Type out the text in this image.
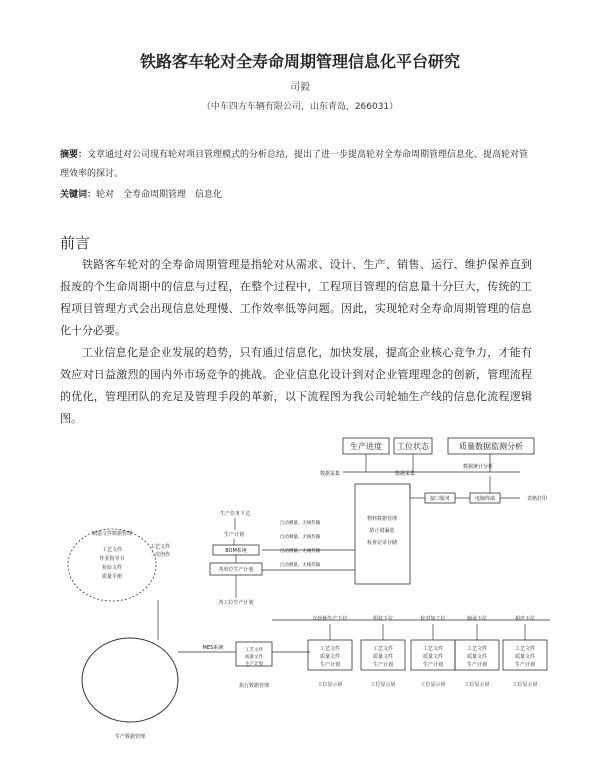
铁路客车轮对全寿命周期管理信息化平台研究
司毅
（中车四方车辆有限公司，山东青岛，266031）
摘要：文章通过对公司现有轮对项目管理模式的分析总结，提出了进一步提高轮对全寿命周期管理信息化、提高轮对管理效率的探讨。
关键词：轮对　全寿命周期管理　信息化
前言
铁路客车轮对的全寿命周期管理是指轮对从需求、设计、生产、销售、运行、维护保养直到报废的个生命周期中的信息与过程，在整个过程中，工程项目管理的信息量十分巨大，传统的工程项目管理方式会出现信息处理慢、工作效率低等问题。因此，实现轮对全寿命周期管理的信息化十分必要。
工业信息化是企业发展的趋势，只有通过信息化，加快发展，提高企业核心竞争力，才能有效应对日益激烈的国内外市场竞争的挑战。企业信息化设计到对企业管理理念的创新，管理流程的优化，管理团队的充足及管理手段的革新，以下流程图为我公司轮轴生产线的信息化流程逻辑图。
生产进度 工位状态	质量数据监测分析
数据采集	数据采集
数据统计分析
接口服务	电脑终端	表格打印
物料数据管理
防止错漏装
检查记录存储
生产任务下达
生产计划
BOM系统
各单位生产计划
各工位生产计划
自动测量、无线传输
自动测量、无线传输
自动测量、无线传输
自动测量、无线传输
制造文件数据管理
工艺文件
作业指导书
检验文件
质量手册
工艺文件
二次创作
生产数据管理
MES系统	工艺文件
质量文件
生产计划
执行数据管理
车轮轴生产下位
工艺文件
质量文件
生产计划
工位显示屏
组装下位
工艺文件
质量文件
生产计划
工位显示屏
轮对加工位
工艺文件
质量文件
生产计划
工位显示屏
轴承下位
工艺文件
质量文件
生产计划
工位显示屏
超声下位
工艺文件
质量文件
生产计划
工位显示屏
